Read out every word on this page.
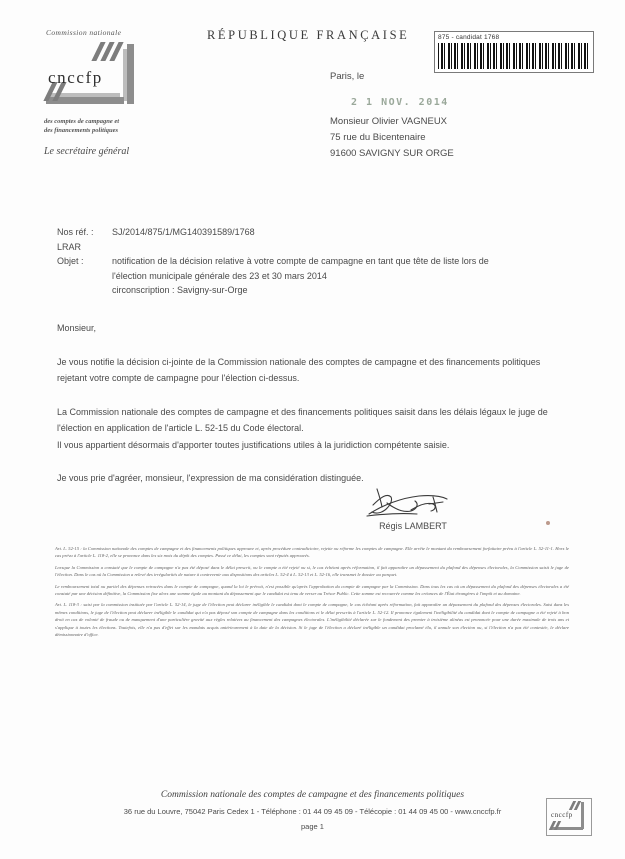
Commission nationale
cnccfp
des comptes de campagne et
des financements politiques
Le secrétaire général
RÉPUBLIQUE FRANÇAISE	875 - candidat 1768
Paris, le
2 1 NOV. 2014
Monsieur Olivier VAGNEUX
75 rue du Bicentenaire
91600 SAVIGNY SUR ORGE
Nos réf. :	SJ/2014/875/1/MG140391589/1768
LRAR
Objet :	notification de la décision relative à votre compte de campagne en tant que tête de liste lors de
l'élection municipale générale des 23 et 30 mars 2014
circonscription : Savigny-sur-Orge

Monsieur,

Je vous notifie la décision ci-jointe de la Commission nationale des comptes de campagne et des financements politiques rejetant votre compte de campagne pour l'élection ci-dessus.

La Commission nationale des comptes de campagne et des financements politiques saisit dans les délais légaux le juge de l'élection en application de l'article L. 52-15 du Code électoral.

Il vous appartient désormais d'apporter toutes justifications utiles à la juridiction compétente saisie.

Je vous prie d'agréer, monsieur, l'expression de ma considération distinguée.

Régis LAMBERT

Art. L. 52-15 : la Commission nationale des comptes de campagne et des financements politiques approuve et, après procédure contradictoire, rejette ou réforme les comptes de campagne. Elle arrête le montant du remboursement forfaitaire prévu à l'article L. 52-11-1. Hors le cas prévu à l'article L. 118-2, elle se prononce dans les six mois du dépôt des comptes. Passé ce délai, les comptes sont réputés approuvés.

Lorsque la Commission a constaté que le compte de campagne n'a pas été déposé dans le délai prescrit, ou le compte a été rejeté ou si, le cas échéant après réformation, il fait apparaître un dépassement du plafond des dépenses électorales, la Commission saisit le juge de l'élection. Dans le cas où la Commission a relevé des irrégularités de nature à contrevenir aux dispositions des articles L. 52-4 à L. 52-13 et L. 52-16, elle transmet le dossier au parquet.

Le remboursement total ou partiel des dépenses retracées dans le compte de campagne, quand la loi le prévoit, n'est possible qu'après l'approbation du compte de campagne par la Commission. Dans tous les cas où un dépassement du plafond des dépenses électorales a été constaté par une décision définitive, la Commission fixe alors une somme égale au montant du dépassement que le candidat est tenu de verser au Trésor Public. Cette somme est recouvrée comme les créances de l'État étrangères à l'impôt et au domaine.

Art. L. 118-3 : saisi par la commission instituée par l'article L. 52-14, le juge de l'élection peut déclarer inéligible le candidat dont le compte de campagne, le cas échéant après réformation, fait apparaître un dépassement du plafond des dépenses électorales. Saisi dans les mêmes conditions, le juge de l'élection peut déclarer inéligible le candidat qui n'a pas déposé son compte de campagne dans les conditions et le délai prescrits à l'article L. 52-12. Il prononce également l'inéligibilité du candidat dont le compte de campagne a été rejeté à bon droit en cas de volonté de fraude ou de manquement d'une particulière gravité aux règles relatives au financement des campagnes électorales. L'inéligibilité déclarée sur le fondement des premier à troisième alinéas est prononcée pour une durée maximale de trois ans et s'applique à toutes les élections. Toutefois, elle n'a pas d'effet sur les mandats acquis antérieurement à la date de la décision. Si le juge de l'élection a déclaré inéligible un candidat proclamé élu, il annule son élection ou, si l'élection n'a pas été contestée, le déclare démissionnaire d'office.

Commission nationale des comptes de campagne et des financements politiques
36 rue du Louvre, 75042 Paris Cedex 1 - Téléphone : 01 44 09 45 09 - Télécopie : 01 44 09 45 00 - www.cnccfp.fr
page 1
cnccfp
